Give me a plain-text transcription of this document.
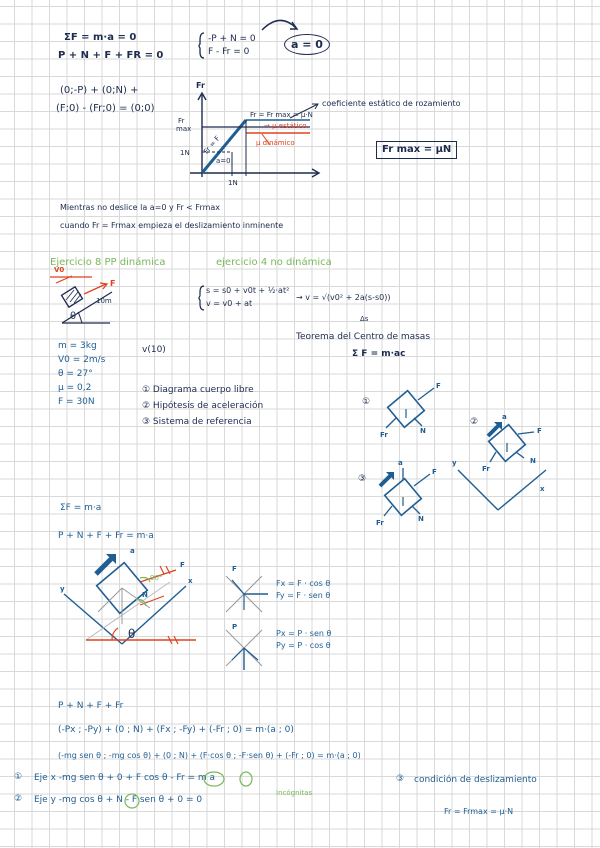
ΣF = m·a = 0
P + N + F + FR = 0
-P + N = 0
F - Fr = 0
a = 0
(0;-P) + (0;N) +
(F;0) - (Fr;0) = (0;0)
Fr
Fr
max
1N
1N
Fr = F
a=0
Fr = Fr max = μ·N
→ μ estático
μ dinámico
coeficiente estático de rozamiento
Fr max = μN
Mientras no deslice la a=0 y Fr < Frmax
cuando Fr = Frmax empieza el deslizamiento inminente
Ejercicio 8 PP dinámica	ejercicio 4 no dinámica
V0
F
10m
θ
s = s0 + v0t + ½·at²
v = v0 + at
→ v = √(v0² + 2a(s-s0))
Δs
Teorema del Centro de masas
Σ F = m·ac
m = 3kg
V0 = 2m/s
θ = 27°
μ = 0,2
F = 30N
v(10)
① Diagrama cuerpo libre
② Hipótesis de aceleración
③ Sistema de referencia
①
②
③
F
N
Fr
F
N
Fr
a
F
N
Fr
a
x
y
ΣF = m·a
P + N + F + Fr = m·a
θ
90°
a
N
F
y
x
F
P
Fx = F · cos θ
Fy = F · sen θ
Px = P · sen θ
Py = P · cos θ
P + N + F + Fr
(-Px ; -Py) + (0 ; N) + (Fx ; -Fy) + (-Fr ; 0) = m·(a ; 0)
(-mg sen θ ; -mg cos θ) + (0 ; N) + (F·cos θ ; -F·sen θ) + (-Fr ; 0) = m·(a ; 0)
① Eje x -mg sen θ + 0 + F cos θ - Fr = m a
② Eje y -mg cos θ + N - F sen θ + 0 = 0
Incógnitas
③ condición de deslizamiento
Fr = Frmax = μ·N
